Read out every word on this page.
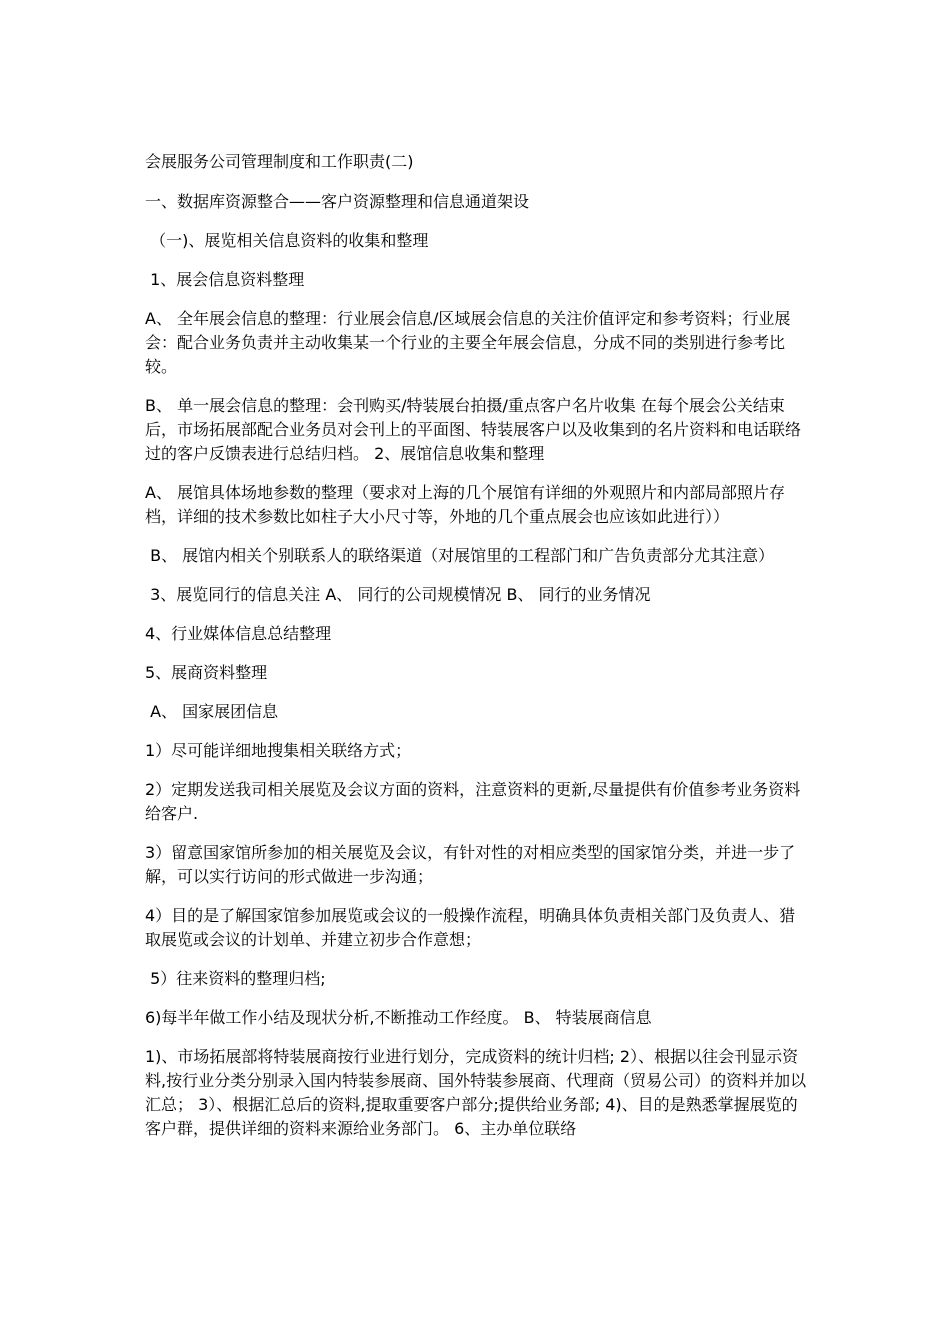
会展服务公司管理制度和工作职责(二)

一、数据库资源整合——客户资源整理和信息通道架设

（一)、展览相关信息资料的收集和整理

1、展会信息资料整理

A、 全年展会信息的整理：行业展会信息/区域展会信息的关注价值评定和参考资料；行业展会：配合业务负责并主动收集某一个行业的主要全年展会信息，分成不同的类别进行参考比较。

B、 单一展会信息的整理：会刊购买/特装展台拍摄/重点客户名片收集 在每个展会公关结束后，市场拓展部配合业务员对会刊上的平面图、特装展客户以及收集到的名片资料和电话联络过的客户反馈表进行总结归档。 2、展馆信息收集和整理

A、 展馆具体场地参数的整理（要求对上海的几个展馆有详细的外观照片和内部局部照片存档，详细的技术参数比如柱子大小尺寸等，外地的几个重点展会也应该如此进行））

B、 展馆内相关个别联系人的联络渠道（对展馆里的工程部门和广告负责部分尤其注意）

3、展览同行的信息关注 A、 同行的公司规模情况 B、 同行的业务情况

4、行业媒体信息总结整理

5、展商资料整理

A、 国家展团信息

1）尽可能详细地搜集相关联络方式；

2）定期发送我司相关展览及会议方面的资料，注意资料的更新,尽量提供有价值参考业务资料给客户.

3）留意国家馆所参加的相关展览及会议，有针对性的对相应类型的国家馆分类，并进一步了解，可以实行访问的形式做进一步沟通；

4）目的是了解国家馆参加展览或会议的一般操作流程，明确具体负责相关部门及负责人、猎取展览或会议的计划单、并建立初步合作意想；

5）往来资料的整理归档;

6)每半年做工作小结及现状分析,不断推动工作经度。 B、 特装展商信息

1)、市场拓展部将特装展商按行业进行划分，完成资料的统计归档; 2）、根据以往会刊显示资料,按行业分类分别录入国内特装参展商、国外特装参展商、代理商（贸易公司）的资料并加以汇总； 3）、根据汇总后的资料,提取重要客户部分;提供给业务部; 4)、目的是熟悉掌握展览的客户群，提供详细的资料来源给业务部门。 6、主办单位联络
